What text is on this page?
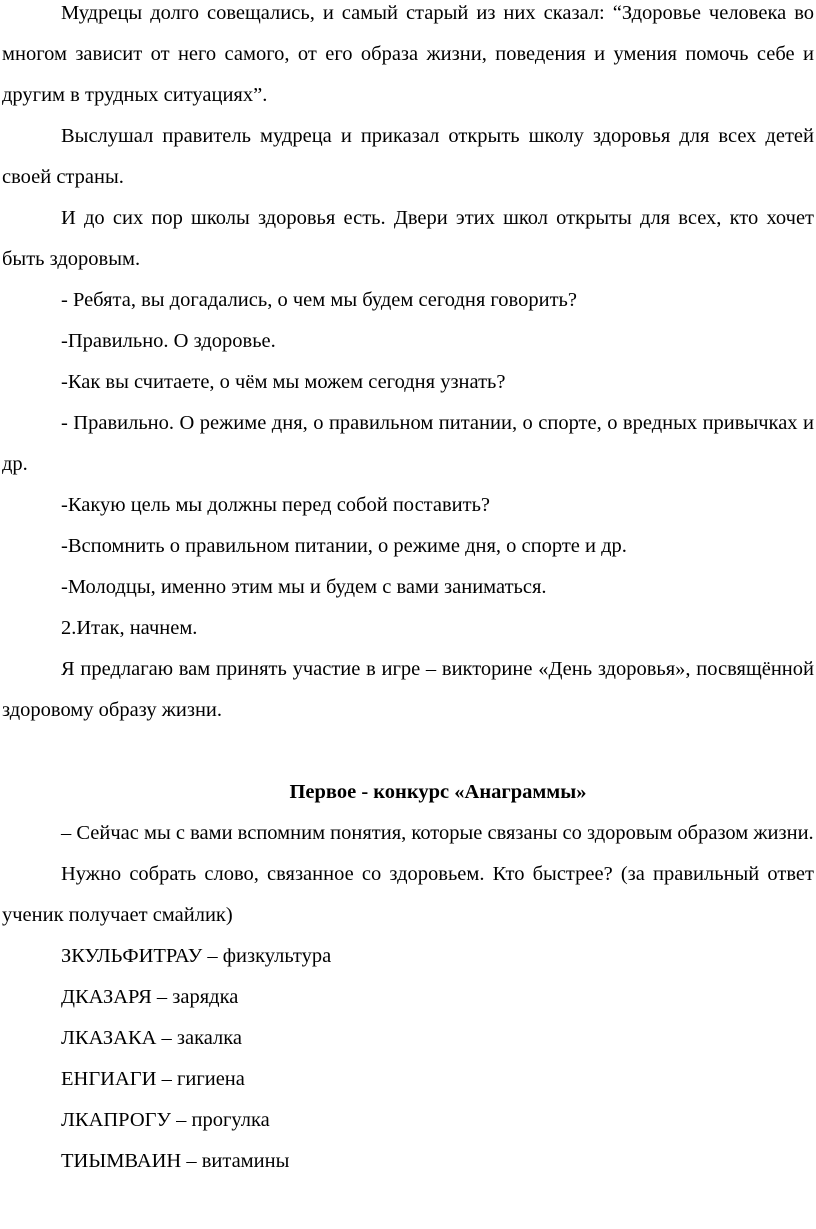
Мудрецы долго совещались, и самый старый из них сказал: “Здоровье человека во многом зависит от него самого, от его образа жизни, поведения и умения помочь себе и другим в трудных ситуациях”.

Выслушал правитель мудреца и приказал открыть школу здоровья для всех детей своей страны.

И до сих пор школы здоровья есть. Двери этих школ открыты для всех, кто хочет быть здоровым.

- Ребята, вы догадались, о чем мы будем сегодня говорить?

-Правильно. О здоровье.

-Как вы считаете, о чём мы можем сегодня узнать?

- Правильно. О режиме дня, о правильном питании, о спорте, о вредных привычках и др.

-Какую цель мы должны перед собой поставить?

-Вспомнить о правильном питании, о режиме дня, о спорте и др.

-Молодцы, именно этим мы и будем с вами заниматься.

2.Итак, начнем.

Я предлагаю вам принять участие в игре – викторине «День здоровья», посвящённой здоровому образу жизни.

Первое - конкурс «Анаграммы»

– Сейчас мы с вами вспомним понятия, которые связаны со здоровым образом жизни.

Нужно собрать слово, связанное со здоровьем. Кто быстрее? (за правильный ответ ученик получает смайлик)

ЗКУЛЬФИТРАУ – физкультура

ДКАЗАРЯ – зарядка

ЛКАЗАКА – закалка

ЕНГИАГИ – гигиена

ЛКАПРОГУ – прогулка

ТИЫМВАИН – витамины
